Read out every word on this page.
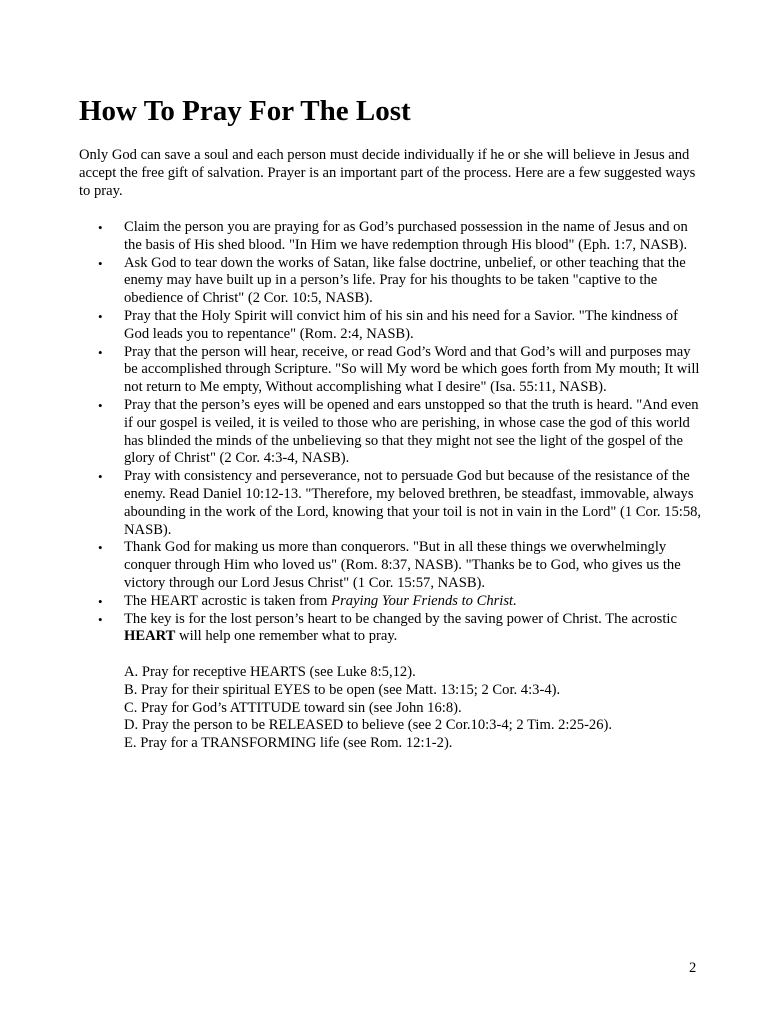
How To Pray For The Lost

Only God can save a soul and each person must decide individually if he or she will believe in Jesus and accept the free gift of salvation. Prayer is an important part of the process. Here are a few suggested ways to pray.

• Claim the person you are praying for as God’s purchased possession in the name of Jesus and on the basis of His shed blood. "In Him we have redemption through His blood" (Eph. 1:7, NASB).
• Ask God to tear down the works of Satan, like false doctrine, unbelief, or other teaching that the enemy may have built up in a person’s life. Pray for his thoughts to be taken "captive to the obedience of Christ" (2 Cor. 10:5, NASB).
• Pray that the Holy Spirit will convict him of his sin and his need for a Savior. "The kindness of God leads you to repentance" (Rom. 2:4, NASB).
• Pray that the person will hear, receive, or read God’s Word and that God’s will and purposes may be accomplished through Scripture. "So will My word be which goes forth from My mouth; It will not return to Me empty, Without accomplishing what I desire" (Isa. 55:11, NASB).
• Pray that the person’s eyes will be opened and ears unstopped so that the truth is heard. "And even if our gospel is veiled, it is veiled to those who are perishing, in whose case the god of this world has blinded the minds of the unbelieving so that they might not see the light of the gospel of the glory of Christ" (2 Cor. 4:3-4, NASB).
• Pray with consistency and perseverance, not to persuade God but because of the resistance of the enemy. Read Daniel 10:12-13. "Therefore, my beloved brethren, be steadfast, immovable, always abounding in the work of the Lord, knowing that your toil is not in vain in the Lord" (1 Cor. 15:58, NASB).
• Thank God for making us more than conquerors. "But in all these things we overwhelmingly conquer through Him who loved us" (Rom. 8:37, NASB). "Thanks be to God, who gives us the victory through our Lord Jesus Christ" (1 Cor. 15:57, NASB).
• The HEART acrostic is taken from Praying Your Friends to Christ.
• The key is for the lost person’s heart to be changed by the saving power of Christ. The acrostic HEART will help one remember what to pray.
A. Pray for receptive HEARTS (see Luke 8:5,12).
B. Pray for their spiritual EYES to be open (see Matt. 13:15; 2 Cor. 4:3-4).
C. Pray for God’s ATTITUDE toward sin (see John 16:8).
D. Pray the person to be RELEASED to believe (see 2 Cor.10:3-4; 2 Tim. 2:25-26).
E. Pray for a TRANSFORMING life (see Rom. 12:1-2).
2
